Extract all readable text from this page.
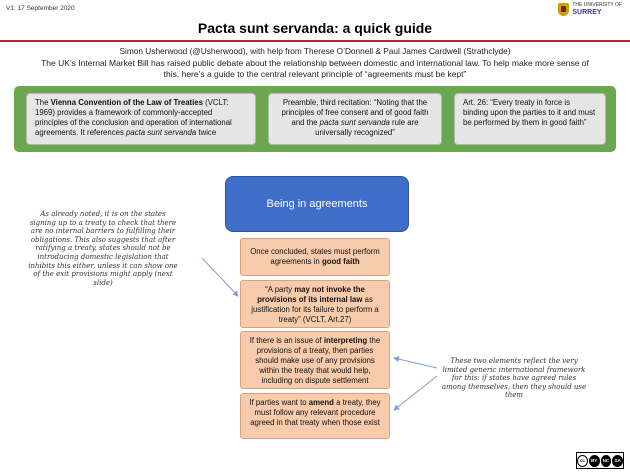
V1: 17 September 2020	THE UNIVERSITY OF
SURREY
Pacta sunt servanda: a quick guide
Simon Usherwood (@Usherwood), with help from Therese O’Donnell & Paul James Cardwell (Strathclyde)
The UK’s Internal Market Bill has raised public debate about the relationship between domestic and international law. To help make more sense of this, here’s a guide to the central relevant principle of “agreements must be kept”
The Vienna Convention of the Law of Treaties (VCLT: 1969) provides a framework of commonly-accepted principles of the conclusion and operation of international agreements. It references pacta sunt servanda twice
Preamble, third recitation: “Noting that the principles of free consent and of good faith and the pacta sunt servanda rule are universally recognized”
Art. 26: “Every treaty in force is binding upon the parties to it and must be performed by them in good faith”
Being in agreements
Once concluded, states must perform agreements in good faith
“A party may not invoke the provisions of its internal law as justification for its failure to perform a treaty” (VCLT, Art.27)
If there is an issue of interpreting the provisions of a treaty, then parties should make use of any provisions within the treaty that would help, including on dispute settlement
If parties want to amend a treaty, they must follow any relevant procedure agreed in that treaty when those exist
As already noted, it is on the states signing up to a treaty to check that there are no internal barriers to fulfilling their obligations. This also suggests that after ratifying a treaty, states should not be introducing domestic legislation that inhibits this either, unless it can show one of the exit provisions might apply (next slide)
These two elements reflect the very limited generic international framework for this: if states have agreed rules among themselves, then they should use them
cc	BY	NC	SA
